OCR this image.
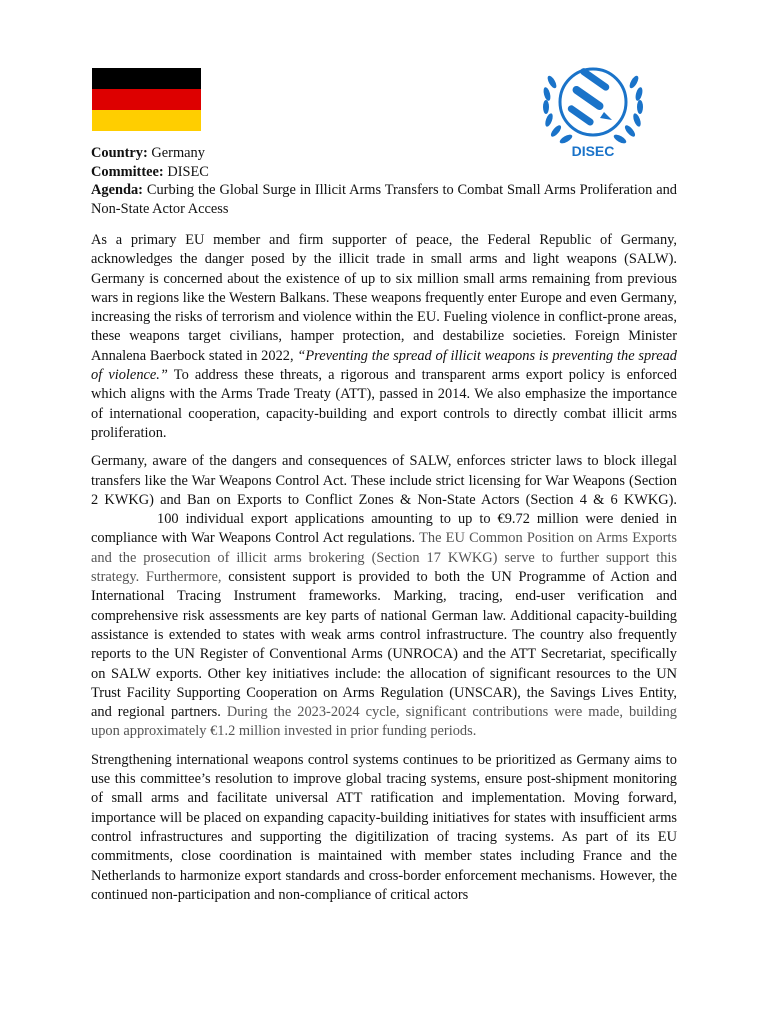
DISEC
Country: Germany
Committee: DISEC
Agenda: Curbing the Global Surge in Illicit Arms Transfers to Combat Small Arms Proliferation and Non-State Actor Access

As a primary EU member and firm supporter of peace, the Federal Republic of Germany, acknowledges the danger posed by the illicit trade in small arms and light weapons (SALW). Germany is concerned about the existence of up to six million small arms remaining from previous wars in regions like the Western Balkans. These weapons frequently enter Europe and even Germany, increasing the risks of terrorism and violence within the EU. Fueling violence in conflict-prone areas, these weapons target civilians, hamper protection, and destabilize societies. Foreign Minister Annalena Baerbock stated in 2022, “Preventing the spread of illicit weapons is preventing the spread of violence.” To address these threats, a rigorous and transparent arms export policy is enforced which aligns with the Arms Trade Treaty (ATT), passed in 2014. We also emphasize the importance of international cooperation, capacity-building and export controls to directly combat illicit arms proliferation.

Germany, aware of the dangers and consequences of SALW, enforces stricter laws to block illegal transfers like the War Weapons Control Act. These include strict licensing for War Weapons (Section 2 KWKG) and Ban on Exports to Conflict Zones & Non-State Actors (Section 4 & 6 KWKG).100 individual export applications amounting to up to €9.72 million were denied in compliance with War Weapons Control Act regulations. The EU Common Position on Arms Exports and the prosecution of illicit arms brokering (Section 17 KWKG) serve to further support this strategy. Furthermore, consistent support is provided to both the UN Programme of Action and International Tracing Instrument frameworks. Marking, tracing, end-user verification and comprehensive risk assessments are key parts of national German law. Additional capacity-building assistance is extended to states with weak arms control infrastructure. The country also frequently reports to the UN Register of Conventional Arms (UNROCA) and the ATT Secretariat, specifically on SALW exports. Other key initiatives include: the allocation of significant resources to the UN Trust Facility Supporting Cooperation on Arms Regulation (UNSCAR), the Savings Lives Entity, and regional partners. During the 2023-2024 cycle, significant contributions were made, building upon approximately €1.2 million invested in prior funding periods.

Strengthening international weapons control systems continues to be prioritized as Germany aims to use this committee’s resolution to improve global tracing systems, ensure post-shipment monitoring of small arms and facilitate universal ATT ratification and implementation. Moving forward, importance will be placed on expanding capacity-building initiatives for states with insufficient arms control infrastructures and supporting the digitilization of tracing systems. As part of its EU commitments, close coordination is maintained with member states including France and the Netherlands to harmonize export standards and cross-border enforcement mechanisms. However, the continued non-participation and non-compliance of critical actors
